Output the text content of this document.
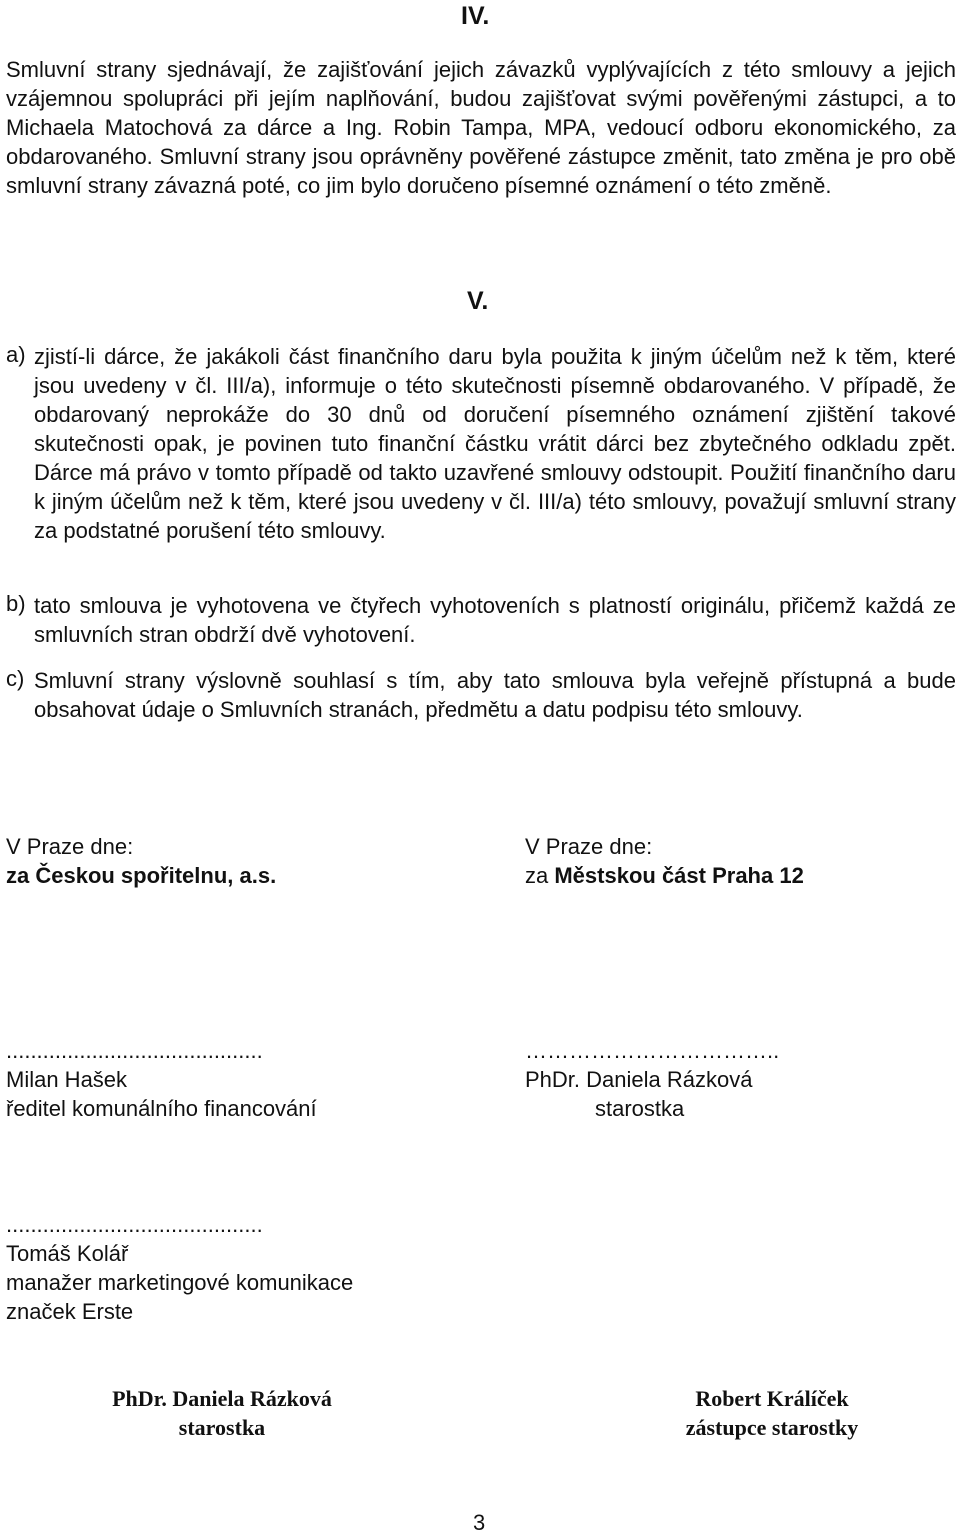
IV.

Smluvní strany sjednávají, že zajišťování jejich závazků vyplývajících z této smlouvy a jejich vzájemnou spolupráci při jejím naplňování, budou zajišťovat svými pověřenými zástupci, a to Michaela Matochová za dárce a Ing. Robin Tampa, MPA, vedoucí odboru ekonomického, za obdarovaného. Smluvní strany jsou oprávněny pověřené zástupce změnit, tato změna je pro obě smluvní strany závazná poté, co jim bylo doručeno písemné oznámení o této změně.

V.
a) zjistí-li dárce, že jakákoli část finančního daru byla použita k jiným účelům než k těm, které jsou uvedeny v čl. III/a), informuje o této skutečnosti písemně obdarovaného. V případě, že obdarovaný neprokáže do 30 dnů od doručení písemného oznámení zjištění takové skutečnosti opak, je povinen tuto finanční částku vrátit dárci bez zbytečného odkladu zpět. Dárce má právo v tomto případě od takto uzavřené smlouvy odstoupit. Použití finančního daru k jiným účelům než k těm, které jsou uvedeny v čl. III/a) této smlouvy, považují smluvní strany za podstatné porušení této smlouvy.

b) tato smlouva je vyhotovena ve čtyřech vyhotoveních s platností originálu, přičemž každá ze smluvních stran obdrží dvě vyhotovení.

c) Smluvní strany výslovně souhlasí s tím, aby tato smlouva byla veřejně přístupná a bude obsahovat údaje o Smluvních stranách, předmětu a datu podpisu této smlouvy.

V Praze dne:
za Českou spořitelnu, a.s.
V Praze dne:
za Městskou část Praha 12
..........................................
Milan Hašek
ředitel komunálního financování
……………………………..
PhDr. Daniela Rázková
starostka
..........................................
Tomáš Kolář
manažer marketingové komunikace
značek Erste
PhDr. Daniela Rázková
starostka
Robert Králíček
zástupce starostky
3
